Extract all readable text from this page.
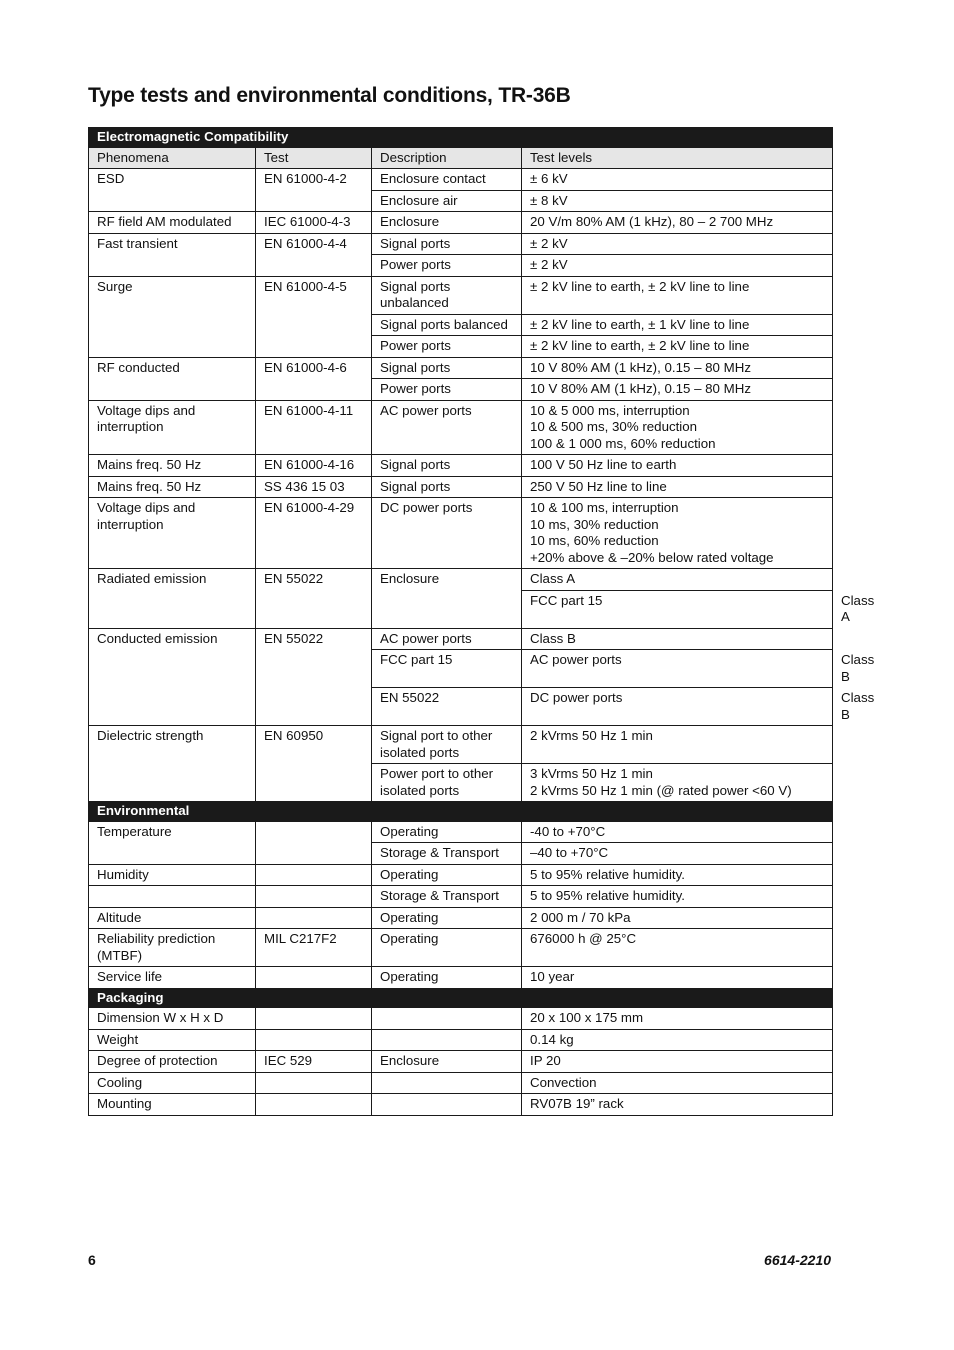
Type tests and environmental conditions, TR-36B
Electromagnetic Compatibility				
Phenomena	Test	Description	Test levels	
ESD	EN 61000-4-2	Enclosure contact	± 6 kV	
		Enclosure air	± 8 kV	
RF field AM modulated	IEC 61000-4-3	Enclosure	20 V/m 80% AM (1 kHz), 80 – 2 700 MHz	
Fast transient	EN 61000-4-4	Signal ports	± 2 kV	
		Power ports	± 2 kV	
Surge	EN 61000-4-5	Signal ports unbalanced	± 2 kV line to earth, ± 2 kV line to line	
		Signal ports balanced	± 2 kV line to earth, ± 1 kV line to line	
		Power ports	± 2 kV line to earth, ± 2 kV line to line	
RF conducted	EN 61000-4-6	Signal ports	10 V 80% AM (1 kHz), 0.15 – 80 MHz	
		Power ports	10 V 80% AM (1 kHz), 0.15 – 80 MHz	
Voltage dips and interruption	EN 61000-4-11	AC power ports	10 & 5 000 ms, interruption
10 & 500 ms, 30% reduction
100 & 1 000 ms, 60% reduction	

Mains freq. 50 Hz	EN 61000-4-16	Signal ports	100 V 50 Hz line to earth	
Mains freq. 50 Hz	SS 436 15 03	Signal ports	250 V 50 Hz line to line	
Voltage dips and interruption	EN 61000-4-29	DC power ports	10 & 100 ms, interruption
10 ms, 30% reduction
10 ms, 60% reduction
+20% above & –20% below rated voltage	

Radiated emission	EN 55022	Enclosure	Class A	
			FCC part 15	Class A
Conducted emission	EN 55022	AC power ports	Class B	
		FCC part 15	AC power ports	Class B
		EN 55022	DC power ports	Class B
Dielectric strength	EN 60950	Signal port to other isolated ports	2 kVrms 50 Hz 1 min	
		Power port to other isolated ports	3 kVrms 50 Hz 1 min
2 kVrms 50 Hz 1 min (@ rated power <60 V)	

Environmental				
Temperature		Operating	-40 to +70°C	
		Storage & Transport	–40 to +70°C	
Humidity		Operating	5 to 95% relative humidity.	
		Storage & Transport	5 to 95% relative humidity.	
Altitude		Operating	2 000 m / 70 kPa	
Reliability prediction (MTBF)	MIL C217F2	Operating	676000 h @ 25°C	
Service life		Operating	10 year	
Packaging				
Dimension W x H x D			20 x 100 x 175 mm	
Weight			0.14 kg	
Degree of protection	IEC 529	Enclosure	IP 20	
Cooling			Convection	
Mounting			RV07B 19” rack	
6	6614-2210
